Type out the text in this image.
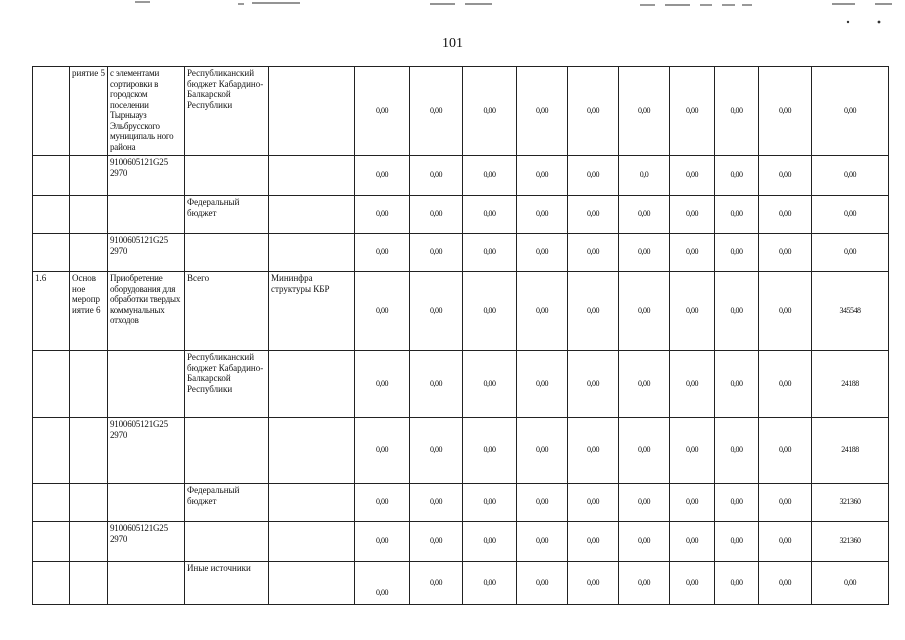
101
	риятие 5	с элементами сортировки в городском поселении Тырныауз Эльбрусского муниципаль ного района	Республиканский бюджет Кабардино-Балкарской Республики		0,00	0,00	0,00	0,00	0,00	0,00	0,00	0,00	0,00	0,00
		9100605121G25 2970			0,00	0,00	0,00	0,00	0,00	0,0	0,00	0,00	0,00	0,00
			Федеральный бюджет		0,00	0,00	0,00	0,00	0,00	0,00	0,00	0,00	0,00	0,00
		9100605121G25 2970			0,00	0,00	0,00	0,00	0,00	0,00	0,00	0,00	0,00	0,00
1.6	Основ ное меропр иятие 6	Приобретение оборудования для обработки твердых коммунальных отходов	Всего	Мининфра структуры КБР	0,00	0,00	0,00	0,00	0,00	0,00	0,00	0,00	0,00	345548
			Республиканский бюджет Кабардино-Балкарской Республики		0,00	0,00	0,00	0,00	0,00	0,00	0,00	0,00	0,00	24188
		9100605121G25 2970			0,00	0,00	0,00	0,00	0,00	0,00	0,00	0,00	0,00	24188
			Федеральный бюджет		0,00	0,00	0,00	0,00	0,00	0,00	0,00	0,00	0,00	321360
		9100605121G25 2970			0,00	0,00	0,00	0,00	0,00	0,00	0,00	0,00	0,00	321360
			Иные источники		0,00	0,00	0,00	0,00	0,00	0,00	0,00	0,00	0,00	0,00
